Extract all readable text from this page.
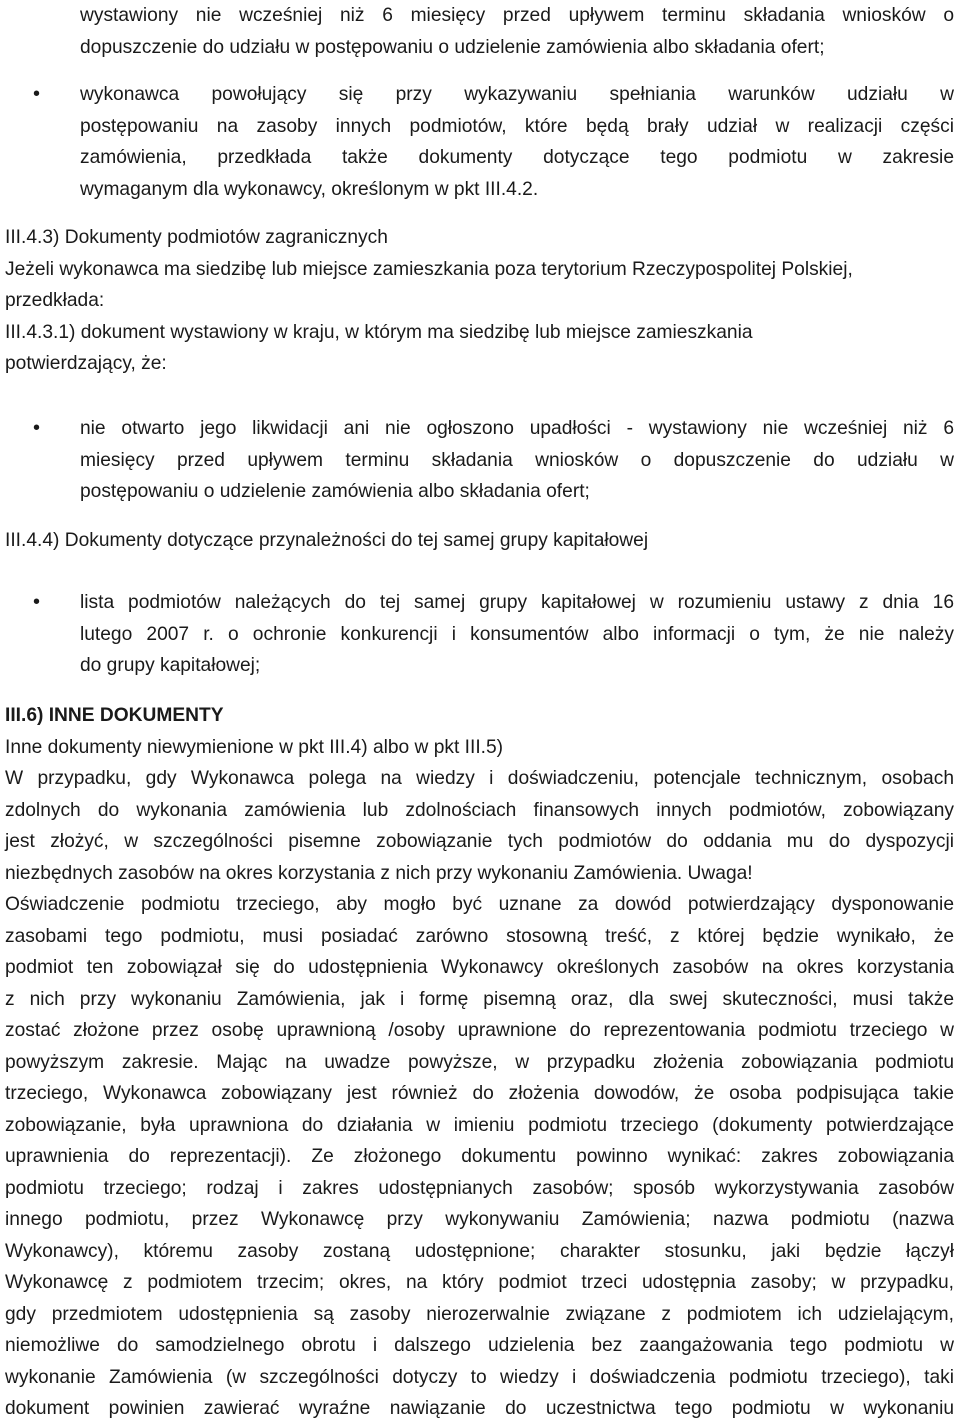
wystawiony nie wcześniej niż 6 miesięcy przed upływem terminu składania wniosków o
dopuszczenie do udziału w postępowaniu o udzielenie zamówienia albo składania ofert;
•	wykonawca powołujący się przy wykazywaniu spełniania warunków udziału w
postępowaniu na zasoby innych podmiotów, które będą brały udział w realizacji części
zamówienia, przedkłada także dokumenty dotyczące tego podmiotu w zakresie
wymaganym dla wykonawcy, określonym w pkt III.4.2.
III.4.3) Dokumenty podmiotów zagranicznych
Jeżeli wykonawca ma siedzibę lub miejsce zamieszkania poza terytorium Rzeczypospolitej Polskiej,
przedkłada:
III.4.3.1) dokument wystawiony w kraju, w którym ma siedzibę lub miejsce zamieszkania
potwierdzający, że:
•	nie otwarto jego likwidacji ani nie ogłoszono upadłości - wystawiony nie wcześniej niż 6
miesięcy przed upływem terminu składania wniosków o dopuszczenie do udziału w
postępowaniu o udzielenie zamówienia albo składania ofert;
III.4.4) Dokumenty dotyczące przynależności do tej samej grupy kapitałowej
•	lista podmiotów należących do tej samej grupy kapitałowej w rozumieniu ustawy z dnia 16
lutego 2007 r. o ochronie konkurencji i konsumentów albo informacji o tym, że nie należy
do grupy kapitałowej;
III.6) INNE DOKUMENTY
Inne dokumenty niewymienione w pkt III.4) albo w pkt III.5)
W przypadku, gdy Wykonawca polega na wiedzy i doświadczeniu, potencjale technicznym, osobach
zdolnych do wykonania zamówienia lub zdolnościach finansowych innych podmiotów, zobowiązany
jest złożyć, w szczególności pisemne zobowiązanie tych podmiotów do oddania mu do dyspozycji
niezbędnych zasobów na okres korzystania z nich przy wykonaniu Zamówienia. Uwaga!
Oświadczenie podmiotu trzeciego, aby mogło być uznane za dowód potwierdzający dysponowanie
zasobami tego podmiotu, musi posiadać zarówno stosowną treść, z której będzie wynikało, że
podmiot ten zobowiązał się do udostępnienia Wykonawcy określonych zasobów na okres korzystania
z nich przy wykonaniu Zamówienia, jak i formę pisemną oraz, dla swej skuteczności, musi także
zostać złożone przez osobę uprawnioną /osoby uprawnione do reprezentowania podmiotu trzeciego w
powyższym zakresie. Mając na uwadze powyższe, w przypadku złożenia zobowiązania podmiotu
trzeciego, Wykonawca zobowiązany jest również do złożenia dowodów, że osoba podpisująca takie
zobowiązanie, była uprawniona do działania w imieniu podmiotu trzeciego (dokumenty potwierdzające
uprawnienia do reprezentacji). Ze złożonego dokumentu powinno wynikać: zakres zobowiązania
podmiotu trzeciego; rodzaj i zakres udostępnianych zasobów; sposób wykorzystywania zasobów
innego podmiotu, przez Wykonawcę przy wykonywaniu Zamówienia; nazwa podmiotu (nazwa
Wykonawcy), któremu zasoby zostaną udostępnione; charakter stosunku, jaki będzie łączył
Wykonawcę z podmiotem trzecim; okres, na który podmiot trzeci udostępnia zasoby; w przypadku,
gdy przedmiotem udostępnienia są zasoby nierozerwalnie związane z podmiotem ich udzielającym,
niemożliwe do samodzielnego obrotu i dalszego udzielenia bez zaangażowania tego podmiotu w
wykonanie Zamówienia (w szczególności dotyczy to wiedzy i doświadczenia podmiotu trzeciego), taki
dokument powinien zawierać wyraźne nawiązanie do uczestnictwa tego podmiotu w wykonaniu
